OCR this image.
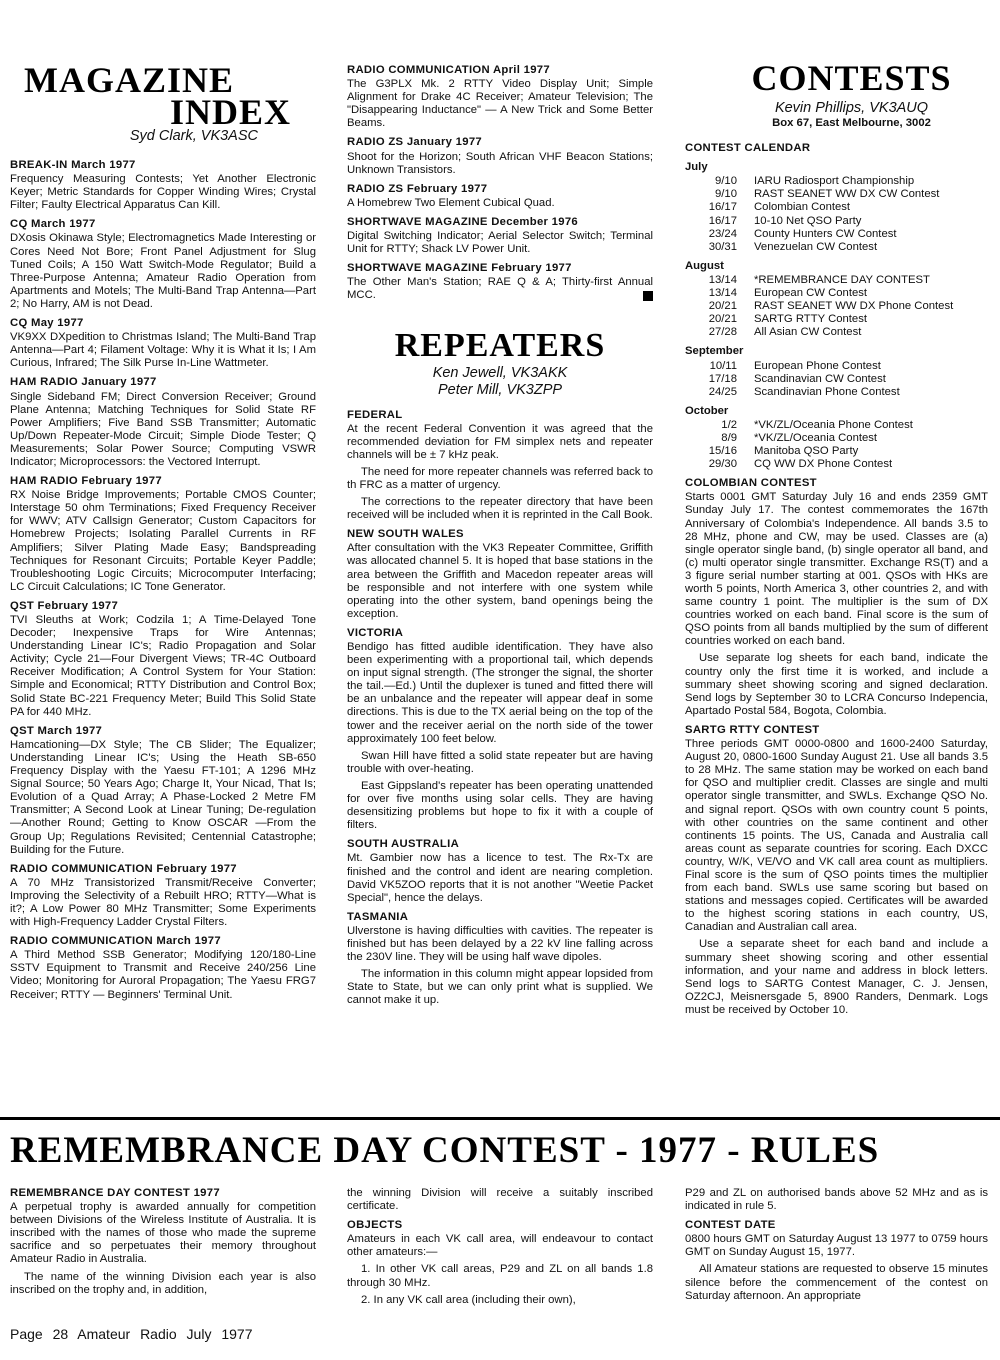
MAGAZINE
INDEX
Syd Clark, VK3ASC
BREAK-IN March 1977

Frequency Measuring Contests; Yet Another Electronic Keyer; Metric Standards for Copper Winding Wires; Crystal Filter; Faulty Electrical Apparatus Can Kill.

CQ March 1977

DXosis Okinawa Style; Electromagnetics Made Interesting or Cores Need Not Bore; Front Panel Adjustment for Slug Tuned Coils; A 150 Watt Switch-Mode Regulator; Build a Three-Purpose Antenna; Amateur Radio Operation from Apartments and Motels; The Multi-Band Trap Antenna—Part 2; No Harry, AM is not Dead.

CQ May 1977

VK9XX DXpedition to Christmas Island; The Multi-Band Trap Antenna—Part 4; Filament Voltage: Why it is What it Is; I Am Curious, Infrared; The Silk Purse In-Line Wattmeter.

HAM RADIO January 1977

Single Sideband FM; Direct Conversion Receiver; Ground Plane Antenna; Matching Techniques for Solid State RF Power Amplifiers; Five Band SSB Transmitter; Automatic Up/Down Repeater-Mode Circuit; Simple Diode Tester; Q Measurements; Solar Power Source; Computing VSWR Indicator; Microprocessors: the Vectored Interrupt.

HAM RADIO February 1977

RX Noise Bridge Improvements; Portable CMOS Counter; Interstage 50 ohm Terminations; Fixed Frequency Receiver for WWV; ATV Callsign Generator; Custom Capacitors for Homebrew Projects; Isolating Parallel Currents in RF Amplifiers; Silver Plating Made Easy; Bandspreading Techniques for Resonant Circuits; Portable Keyer Paddle; Troubleshooting Logic Circuits; Microcomputer Interfacing; LC Circuit Calculations; IC Tone Generator.

QST February 1977

TVI Sleuths at Work; Codzila 1; A Time-Delayed Tone Decoder; Inexpensive Traps for Wire Antennas; Understanding Linear IC's; Radio Propagation and Solar Activity; Cycle 21—Four Divergent Views; TR-4C Outboard Receiver Modification; A Control System for Your Station: Simple and Economical; RTTY Distribution and Control Box; Solid State BC-221 Frequency Meter; Build This Solid State PA for 440 MHz.

QST March 1977

Hamcationing—DX Style; The CB Slider; The Equalizer; Understanding Linear IC's; Using the Heath SB-650 Frequency Display with the Yaesu FT-101; A 1296 MHz Signal Source; 50 Years Ago; Charge It, Your Nicad, That Is; Evolution of a Quad Array; A Phase-Locked 2 Metre FM Transmitter; A Second Look at Linear Tuning; De-regulation—Another Round; Getting to Know OSCAR —From the Group Up; Regulations Revisited; Centennial Catastrophe; Building for the Future.

RADIO COMMUNICATION February 1977

A 70 MHz Transistorized Transmit/Receive Converter; Improving the Selectivity of a Rebuilt HRO; RTTY—What is it?; A Low Power 80 MHz Transmitter; Some Experiments with High-Frequency Ladder Crystal Filters.

RADIO COMMUNICATION March 1977

A Third Method SSB Generator; Modifying 120/180-Line SSTV Equipment to Transmit and Receive 240/256 Line Video; Monitoring for Auroral Propagation; The Yaesu FRG7 Receiver; RTTY — Beginners' Terminal Unit.

RADIO COMMUNICATION April 1977

The G3PLX Mk. 2 RTTY Video Display Unit; Simple Alignment for Drake 4C Receiver; Amateur Television; The "Disappearing Inductance" — A New Trick and Some Better Beams.

RADIO ZS January 1977

Shoot for the Horizon; South African VHF Beacon Stations; Unknown Transistors.

RADIO ZS February 1977

A Homebrew Two Element Cubical Quad.

SHORTWAVE MAGAZINE December 1976

Digital Switching Indicator; Aerial Selector Switch; Terminal Unit for RTTY; Shack LV Power Unit.

SHORTWAVE MAGAZINE February 1977

The Other Man's Station; RAE Q & A; Thirty-first Annual MCC.

REPEATERS
Ken Jewell, VK3AKK
Peter Mill, VK3ZPP
FEDERAL

At the recent Federal Convention it was agreed that the recommended deviation for FM simplex nets and repeater channels will be ± 7 kHz peak.

The need for more repeater channels was referred back to th FRC as a matter of urgency.

The corrections to the repeater directory that have been received will be included when it is reprinted in the Call Book.

NEW SOUTH WALES

After consultation with the VK3 Repeater Committee, Griffith was allocated channel 5. It is hoped that base stations in the area between the Griffith and Macedon repeater areas will be responsible and not interfere with one system while operating into the other system, band openings being the exception.

VICTORIA

Bendigo has fitted audible identification. They have also been experimenting with a proportional tail, which depends on input signal strength. (The stronger the signal, the shorter the tail.—Ed.) Until the duplexer is tuned and fitted there will be an unbalance and the repeater will appear deaf in some directions. This is due to the TX aerial being on the top of the tower and the receiver aerial on the north side of the tower approximately 100 feet below.

Swan Hill have fitted a solid state repeater but are having trouble with over-heating.

East Gippsland's repeater has been operating unattended for over five months using solar cells. They are having desensitizing problems but hope to fix it with a couple of filters.

SOUTH AUSTRALIA

Mt. Gambier now has a licence to test. The Rx-Tx are finished and the control and ident are nearing completion. David VK5ZOO reports that it is not another "Weetie Packet Special", hence the delays.

TASMANIA

Ulverstone is having difficulties with cavities. The repeater is finished but has been delayed by a 22 kV line falling across the 230V line. They will be using half wave dipoles.

The information in this column might appear lopsided from State to State, but we can only print what is supplied. We cannot make it up.

CONTESTS
Kevin Phillips, VK3AUQ
Box 67, East Melbourne, 3002
CONTEST CALENDAR
July
9/10	IARU Radiosport Championship
9/10	RAST SEANET WW DX CW Contest
16/17	Colombian Contest
16/17	10-10 Net QSO Party
23/24	County Hunters CW Contest
30/31	Venezuelan CW Contest
August
13/14	*REMEMBRANCE DAY CONTEST
13/14	European CW Contest
20/21	RAST SEANET WW DX Phone Contest
20/21	SARTG RTTY Contest
27/28	All Asian CW Contest
September
10/11	European Phone Contest
17/18	Scandinavian CW Contest
24/25	Scandinavian Phone Contest
October
1/2	*VK/ZL/Oceania Phone Contest
8/9	*VK/ZL/Oceania Contest
15/16	Manitoba QSO Party
29/30	CQ WW DX Phone Contest
COLOMBIAN CONTEST

Starts 0001 GMT Saturday July 16 and ends 2359 GMT Sunday July 17. The contest commemorates the 167th Anniversary of Colombia's Independence. All bands 3.5 to 28 MHz, phone and CW, may be used. Classes are (a) single operator single band, (b) single operator all band, and (c) multi operator single transmitter. Exchange RS(T) and a 3 figure serial number starting at 001. QSOs with HKs are worth 5 points, North America 3, other countries 2, and with same country 1 point. The multiplier is the sum of DX countries worked on each band. Final score is the sum of QSO points from all bands multiplied by the sum of different countries worked on each band.

Use separate log sheets for each band, indicate the country only the first time it is worked, and include a summary sheet showing scoring and signed declaration. Send logs by September 30 to LCRA Concurso Indepencia, Apartado Postal 584, Bogota, Colombia.

SARTG RTTY CONTEST

Three periods GMT 0000-0800 and 1600-2400 Saturday, August 20, 0800-1600 Sunday August 21. Use all bands 3.5 to 28 MHz. The same station may be worked on each band for QSO and multiplier credit. Classes are single and multi operator single transmitter, and SWLs. Exchange QSO No. and signal report. QSOs with own country count 5 points, with other countries on the same continent and other continents 15 points. The US, Canada and Australia call areas count as separate countries for scoring. Each DXCC country, W/K, VE/VO and VK call area count as multipliers. Final score is the sum of QSO points times the multiplier from each band. SWLs use same scoring but based on stations and messages copied. Certificates will be awarded to the highest scoring stations in each country, US, Canadian and Australian call area.

Use a separate sheet for each band and include a summary sheet showing scoring and other essential information, and your name and address in block letters. Send logs to SARTG Contest Manager, C. J. Jensen, OZ2CJ, Meisnersgade 5, 8900 Randers, Denmark. Logs must be received by October 10.

REMEMBRANCE DAY CONTEST - 1977 - RULES
REMEMBRANCE DAY CONTEST 1977

A perpetual trophy is awarded annually for competition between Divisions of the Wireless Institute of Australia. It is inscribed with the names of those who made the supreme sacrifice and so perpetuates their memory throughout Amateur Radio in Australia.

The name of the winning Division each year is also inscribed on the trophy and, in addition,

the winning Division will receive a suitably inscribed certificate.

OBJECTS

Amateurs in each VK call area, will endeavour to contact other amateurs:—

1. In other VK call areas, P29 and ZL on all bands 1.8 through 30 MHz.

2. In any VK call area (including their own),

P29 and ZL on authorised bands above 52 MHz and as is indicated in rule 5.

CONTEST DATE

0800 hours GMT on Saturday August 13 1977 to 0759 hours GMT on Sunday August 15, 1977.

All Amateur stations are requested to observe 15 minutes silence before the commencement of the contest on Saturday afternoon. An appropriate

Page 28 Amateur Radio July 1977
